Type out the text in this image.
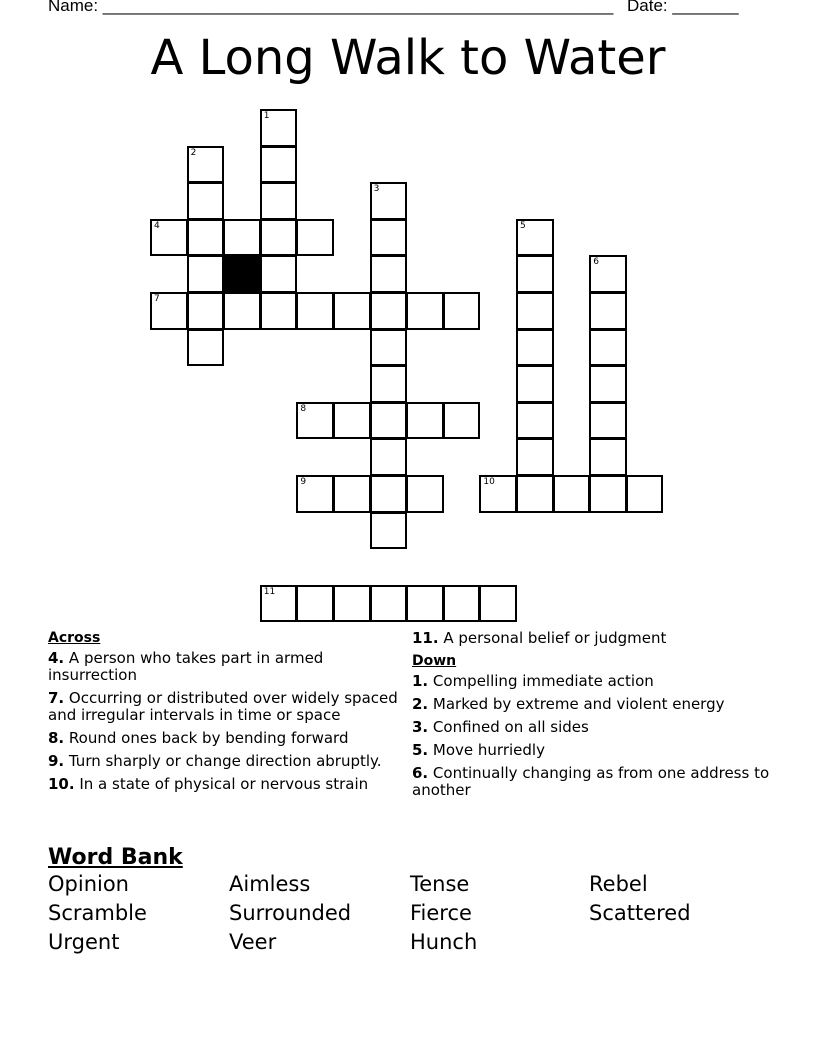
Name: ______________________________________________________ Date: _______
A Long Walk to Water
1
2
3
4	5
6
7
8
9	10
11
Across
4. A person who takes part in armed insurrection
7. Occurring or distributed over widely spaced and irregular intervals in time or space
8. Round ones back by bending forward
9. Turn sharply or change direction abruptly.
10. In a state of physical or nervous strain
11. A personal belief or judgment
Down
1. Compelling immediate action
2. Marked by extreme and violent energy
3. Confined on all sides
5. Move hurriedly
6. Continually changing as from one address to another
Word Bank
Opinion	Aimless	Tense	Rebel
Scramble	Surrounded	Fierce	Scattered
Urgent	Veer	Hunch
